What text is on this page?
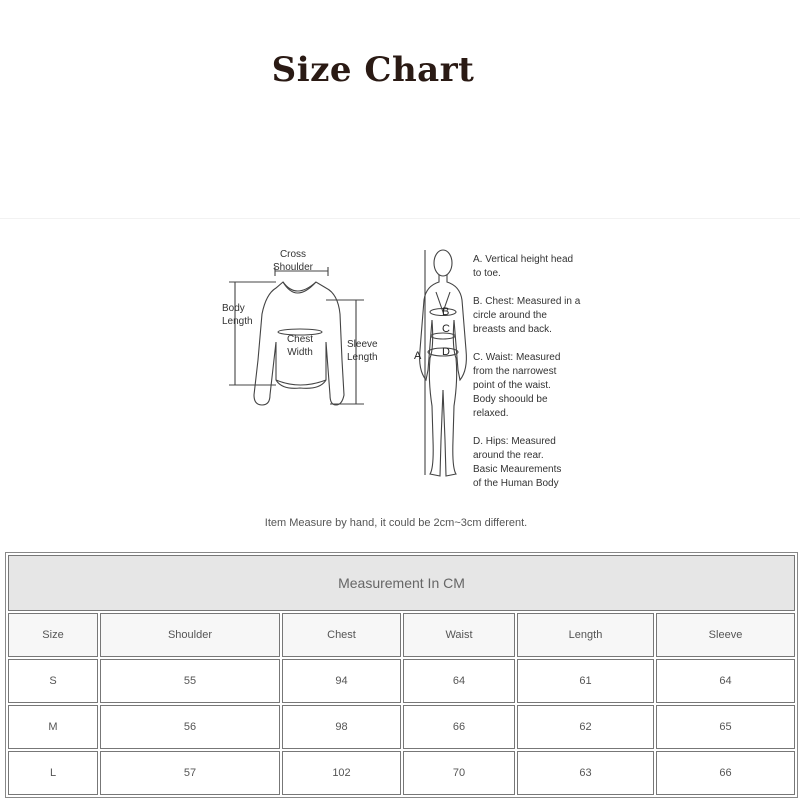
Size Chart
Cross
Shoulder
Body
Length
Chest
Width
Sleeve
Length	A
B
C
D
A. Vertical height head
to toe.
B. Chest: Measured in a
circle around the
breasts and back.
C. Waist: Measured
from the narrowest
point of the waist.
Body shoould be
relaxed.
D. Hips: Measured
around the rear.
Basic Meaurements
of the Human Body
Item Measure by hand, it could be 2cm~3cm different.
Measurement In CM					
Size	Shoulder	Chest	Waist	Length	Sleeve
S	55	94	64	61	64
M	56	98	66	62	65
L	57	102	70	63	66
